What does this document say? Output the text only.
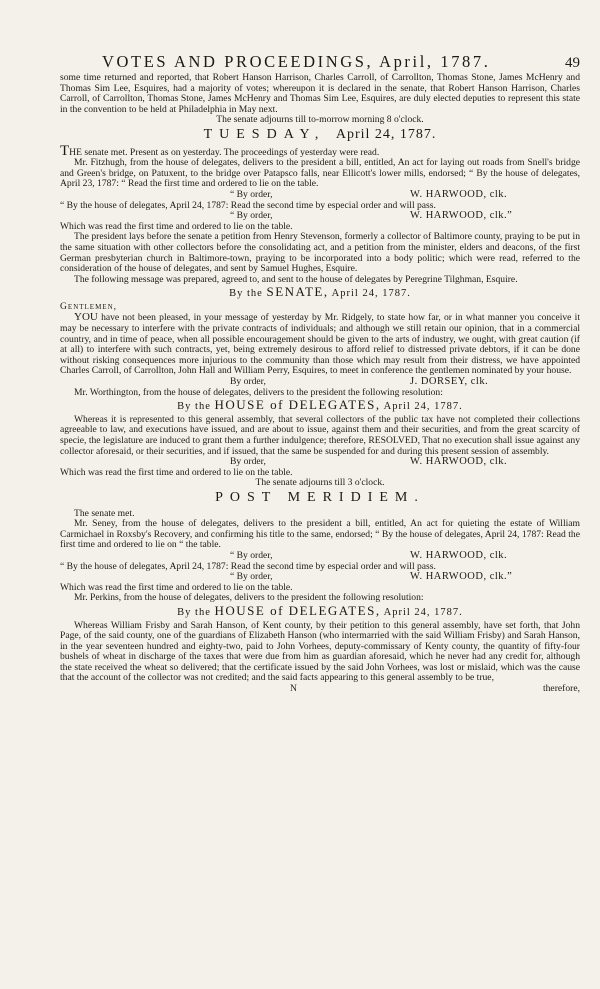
VOTES AND PROCEEDINGS, April, 1787.	49

some time returned and reported, that Robert Hanson Harrison, Charles Carroll, of Carrollton, Thomas Stone, James McHenry and Thomas Sim Lee, Esquires, had a majority of votes; whereupon it is declared in the senate, that Robert Hanson Harrison, Charles Carroll, of Carrollton, Thomas Stone, James McHenry and Thomas Sim Lee, Esquires, are duly elected deputies to represent this state in the convention to be held at Philadelphia in May next.

The senate adjourns till to-morrow morning 8 o'clock.

TUESDAY, April 24, 1787.

THE senate met. Present as on yesterday. The proceedings of yesterday were read.

Mr. Fitzhugh, from the house of delegates, delivers to the president a bill, entitled, An act for laying out roads from Snell's bridge and Green's bridge, on Patuxent, to the bridge over Patapsco falls, near Ellicott's lower mills, endorsed; “ By the house of delegates, April 23, 1787: “ Read the first time and ordered to lie on the table.

“ By order,	W. HARWOOD, clk.

“ By the house of delegates, April 24, 1787: Read the second time by especial order and will pass.

“ By order,	W. HARWOOD, clk.”

Which was read the first time and ordered to lie on the table.

The president lays before the senate a petition from Henry Stevenson, formerly a collector of Baltimore county, praying to be put in the same situation with other collectors before the consolidating act, and a petition from the minister, elders and deacons, of the first German presbyterian church in Baltimore-town, praying to be incorporated into a body politic; which were read, referred to the consideration of the house of delegates, and sent by Samuel Hughes, Esquire.

The following message was prepared, agreed to, and sent to the house of delegates by Peregrine Tilghman, Esquire.

By the SENATE, April 24, 1787.

Gentlemen,

YOU have not been pleased, in your message of yesterday by Mr. Ridgely, to state how far, or in what manner you conceive it may be necessary to interfere with the private contracts of individuals; and although we still retain our opinion, that in a commercial country, and in time of peace, when all possible encouragement should be given to the arts of industry, we ought, with great caution (if at all) to interfere with such contracts, yet, being extremely desirous to afford relief to distressed private debtors, if it can be done without risking consequences more injurious to the community than those which may result from their distress, we have appointed Charles Carroll, of Carrollton, John Hall and William Perry, Esquires, to meet in conference the gentlemen nominated by your house.

By order,	J. DORSEY, clk.

Mr. Worthington, from the house of delegates, delivers to the president the following resolution:

By the HOUSE of DELEGATES, April 24, 1787.

Whereas it is represented to this general assembly, that several collectors of the public tax have not completed their collections agreeable to law, and executions have issued, and are about to issue, against them and their securities, and from the great scarcity of specie, the legislature are induced to grant them a further indulgence; therefore, RESOLVED, That no execution shall issue against any collector aforesaid, or their securities, and if issued, that the same be suspended for and during this present session of assembly.

By order,	W. HARWOOD, clk.

Which was read the first time and ordered to lie on the table.

The senate adjourns till 3 o'clock.

POST MERIDIEM.

The senate met.

Mr. Seney, from the house of delegates, delivers to the president a bill, entitled, An act for quieting the estate of William Carmichael in Roxsby's Recovery, and confirming his title to the same, endorsed; “ By the house of delegates, April 24, 1787: Read the first time and ordered to lie on “ the table.

“ By order,	W. HARWOOD, clk.

“ By the house of delegates, April 24, 1787: Read the second time by especial order and will pass.

“ By order,	W. HARWOOD, clk.”

Which was read the first time and ordered to lie on the table.

Mr. Perkins, from the house of delegates, delivers to the president the following resolution:

By the HOUSE of DELEGATES, April 24, 1787.

Whereas William Frisby and Sarah Hanson, of Kent county, by their petition to this general assembly, have set forth, that John Page, of the said county, one of the guardians of Elizabeth Hanson (who intermarried with the said William Frisby) and Sarah Hanson, in the year seventeen hundred and eighty-two, paid to John Vorhees, deputy-commissary of Kenty county, the quantity of fifty-four bushels of wheat in discharge of the taxes that were due from him as guardian aforesaid, which he never had any credit for, although the state received the wheat so delivered; that the certificate issued by the said John Vorhees, was lost or mislaid, which was the cause that the account of the collector was not credited; and the said facts appearing to this general assembly to be true,

N	therefore,
